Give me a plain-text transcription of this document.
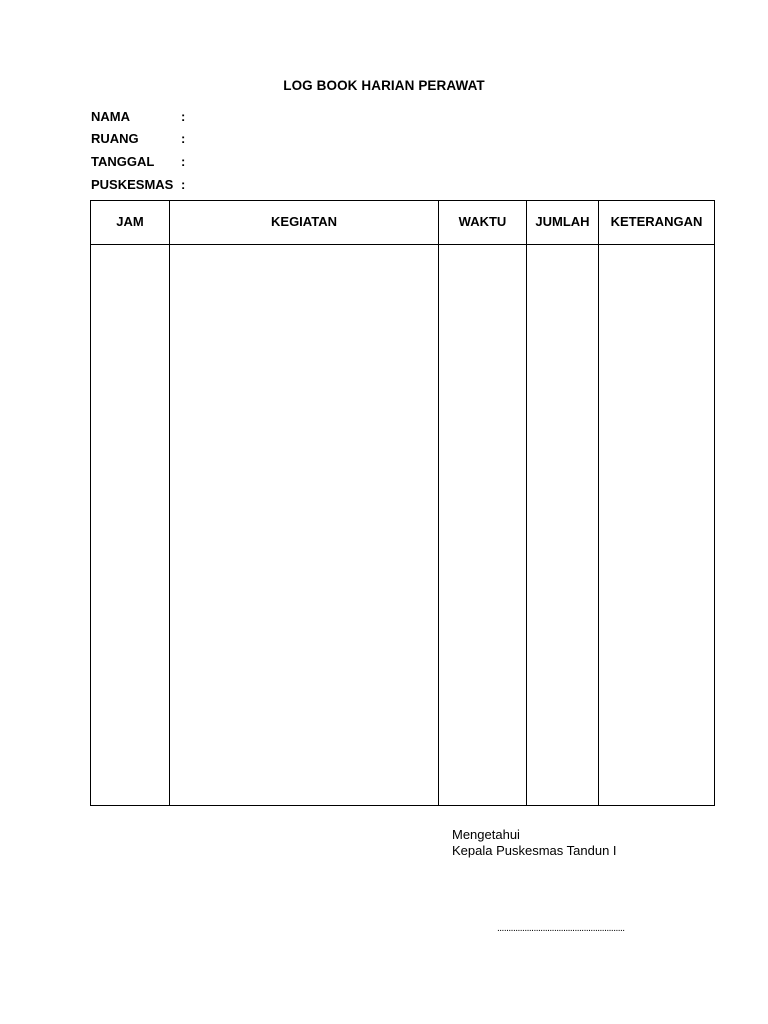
LOG BOOK HARIAN PERAWAT
NAMA	:
RUANG	:
TANGGAL :
PUSKESMAS :
JAM	KEGIATAN	WAKTU	JUMLAH	KETERANGAN

Mengetahui
Kepala Puskesmas Tandun I
........................................................
